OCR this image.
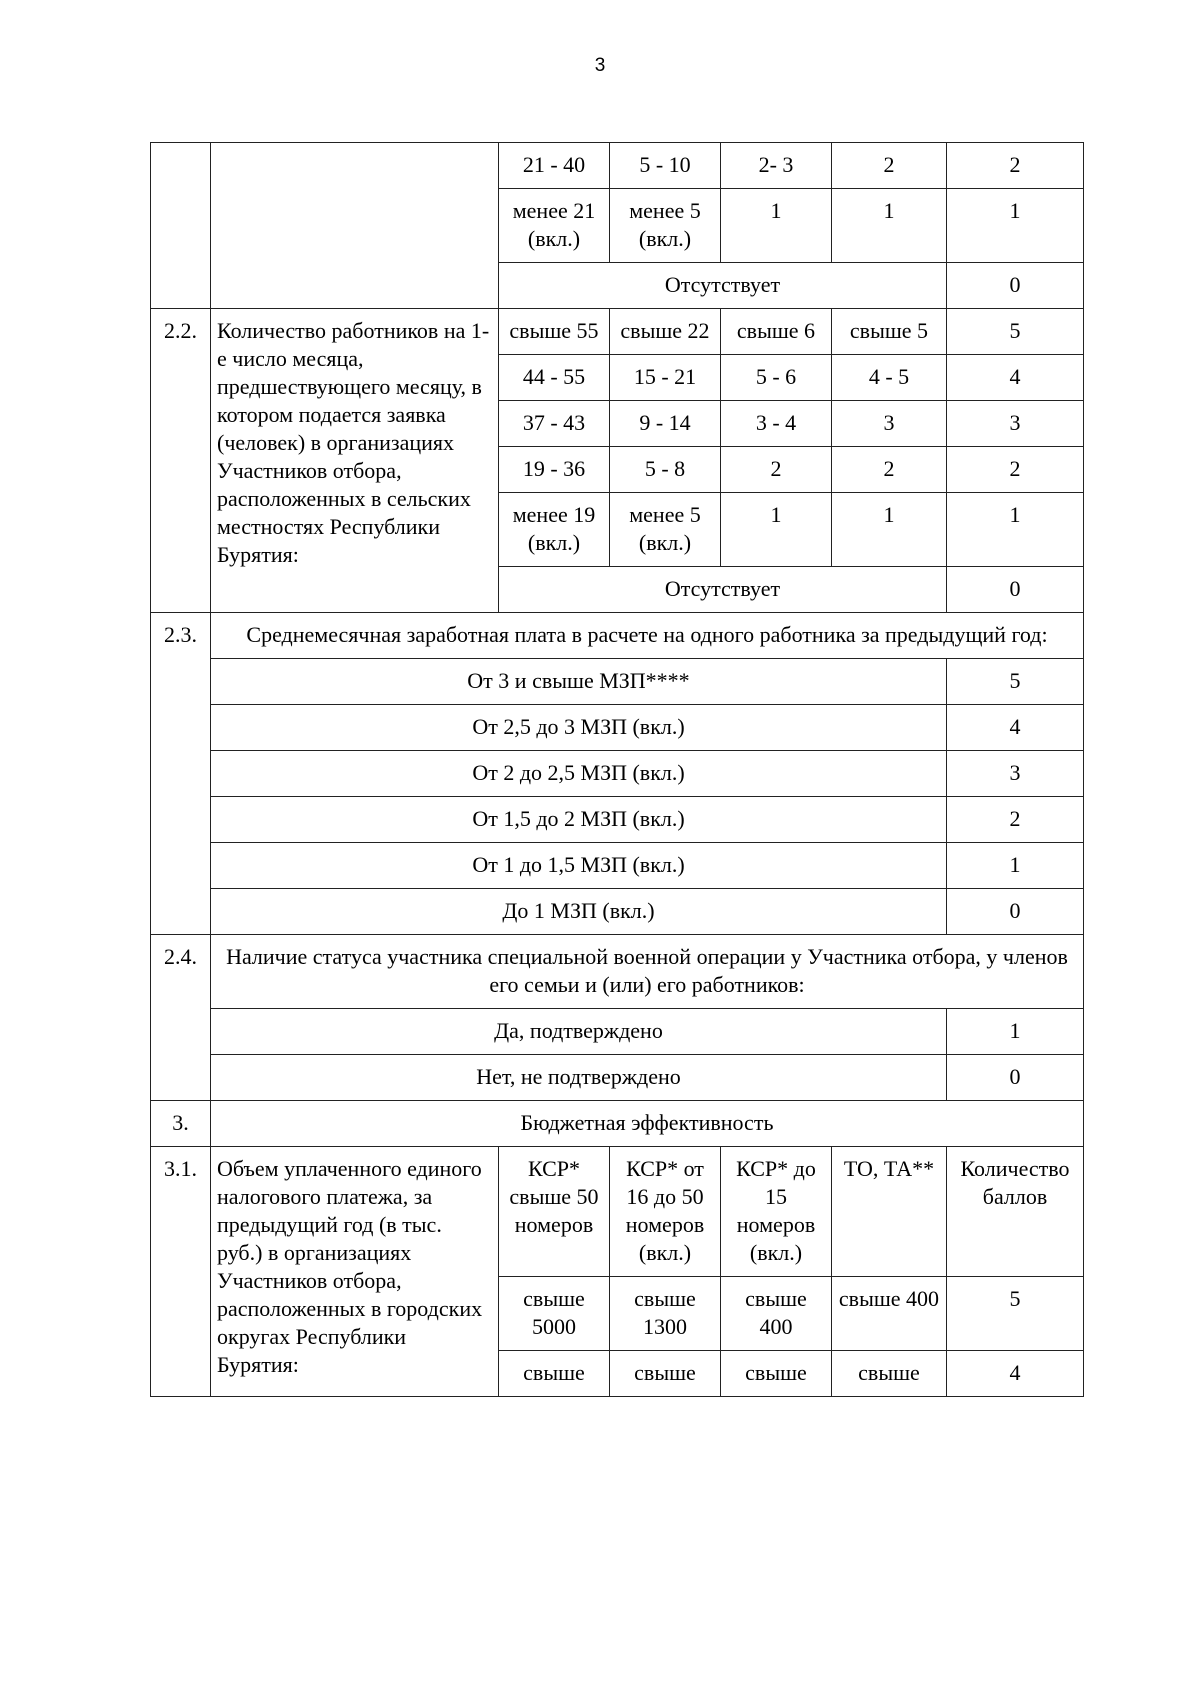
3
		21 - 40	5 - 10	2- 3	2	2
		менее 21 (вкл.)	менее 5 (вкл.)	1	1	1
		Отсутствует				0
2.2.	Количество работников на 1-е число месяца, предшествующего месяцу, в котором подается заявка (человек) в организациях Участников отбора, расположенных в сельских местностях Республики Бурятия:	свыше 55	свыше 22	свыше 6	свыше 5	5
		44 - 55	15 - 21	5 - 6	4 - 5	4
		37 - 43	9 - 14	3 - 4	3	3
		19 - 36	5 - 8	2	2	2
		менее 19 (вкл.)	менее 5 (вкл.)	1	1	1
		Отсутствует				0
2.3.	Среднемесячная заработная плата в расчете на одного работника за предыдущий год:					
	От 3 и свыше МЗП****					5
	От 2,5 до 3 МЗП (вкл.)					4
	От 2 до 2,5 МЗП (вкл.)					3
	От 1,5 до 2 МЗП (вкл.)					2
	От 1 до 1,5 МЗП (вкл.)					1
	До 1 МЗП (вкл.)					0
2.4.	Наличие статуса участника специальной военной операции у Участника отбора, у членов его семьи и (или) его работников:					
	Да, подтверждено					1
	Нет, не подтверждено					0
3.	Бюджетная эффективность					
3.1.	Объем уплаченного единого налогового платежа, за предыдущий год (в тыс. руб.) в организациях Участников отбора, расположенных в городских округах Республики Бурятия:	КСР* свыше 50 номеров	КСР* от 16 до 50 номеров (вкл.)	КСР* до 15 номеров (вкл.)	ТО, ТА**	Количество баллов
		свыше 5000	свыше 1300	свыше 400	свыше 400	5
		свыше	свыше	свыше	свыше	4
